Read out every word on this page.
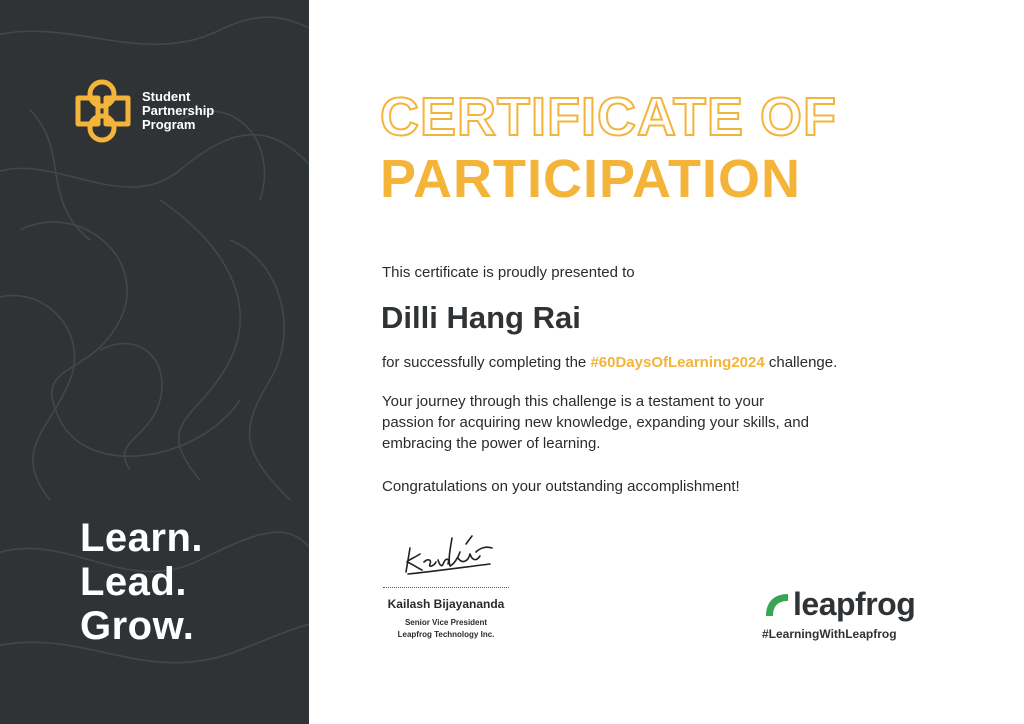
Student
Partnership
Program
Learn.
Lead.
Grow.
CERTIFICATE OF
PARTICIPATION
This certificate is proudly presented to
Dilli Hang Rai
for successfully completing the #60DaysOfLearning2024 challenge.
Your journey through this challenge is a testament to your
passion for acquiring new knowledge, expanding your skills, and
embracing the power of learning.
Congratulations on your outstanding accomplishment!
Kailash Bijayananda
Senior Vice President
Leapfrog Technology Inc.
leapfrog
#LearningWithLeapfrog
